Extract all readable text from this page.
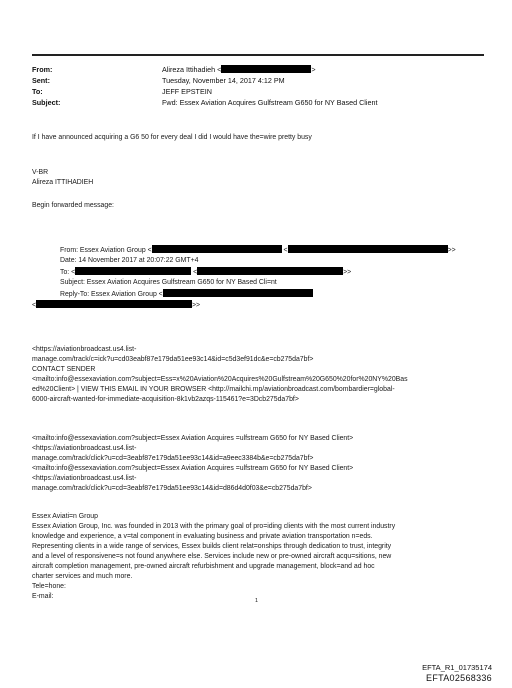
From:	Alireza Ittihadieh <	>
Sent:	Tuesday, November 14, 2017 4:12 PM
To:	JEFF EPSTEIN
Subject:	Fwd: Essex Aviation Acquires Gulfstream G650 for NY Based Client
If I have announced acquiring a G6 50 for every deal I did I would have the=wire pretty busy
V-BR
Alireza ITTIHADIEH
Begin forwarded message:
From: Essex Aviation Group <	<	>>
Date: 14 November 2017 at 20:07:22 GMT+4
To: <	<	>>
Subject: Essex Aviation Acquires Gulfstream G650 for NY Based Cli=nt
Reply-To: Essex Aviation Group <
<	>>
<https://aviationbroadcast.us4.list-
manage.com/track/c=ick?u=cd03eabf87e179da51ee93c14&id=c5d3ef91dc&e=cb275da7bf>
CONTACT SENDER
<mailto:info@essexaviation.com?subject=Ess=x%20Aviation%20Acquires%20Gulfstream%20G650%20for%20NY%20Bas
ed%20Client> | VIEW THIS EMAIL IN YOUR BROWSER <http://mailchi.mp/aviationbroadcast.com/bombardier=global-
6000-aircraft-wanted-for-immediate-acquisition-8k1vb2azqs-115461?e=3Dcb275da7bf>
<mailto:info@essexaviation.com?subject=Essex Aviation Acquires =ulfstream G650 for NY Based Client>
<https://aviationbroadcast.us4.list-
manage.com/track/click?u=cd=3eabf87e179da51ee93c14&id=a9eec3384b&e=cb275da7bf>
<mailto:info@essexaviation.com?subject=Essex Aviation Acquires =ulfstream G650 for NY Based Client>
<https://aviationbroadcast.us4.list-
manage.com/track/click?u=cd=3eabf87e179da51ee93c14&id=d86d4d0f03&e=cb275da7bf>
Essex Aviati=n Group
Essex Aviation Group, Inc. was founded in 2013 with the primary goal of pro=iding clients with the most current industry
knowledge and experience, a v=tal component in evaluating business and private aviation transportation n=eds.
Representing clients in a wide range of services, Essex builds client relat=onships through dedication to trust, integrity
and a level of responsivene=s not found anywhere else. Services include new or pre-owned aircraft acqu=sitions, new
aircraft completion management, pre-owned aircraft refurbishment and upgrade management, block=and ad hoc
charter services and much more.
Tele=hone:
E-mail:
1
EFTA_R1_01735174
EFTA02568336
